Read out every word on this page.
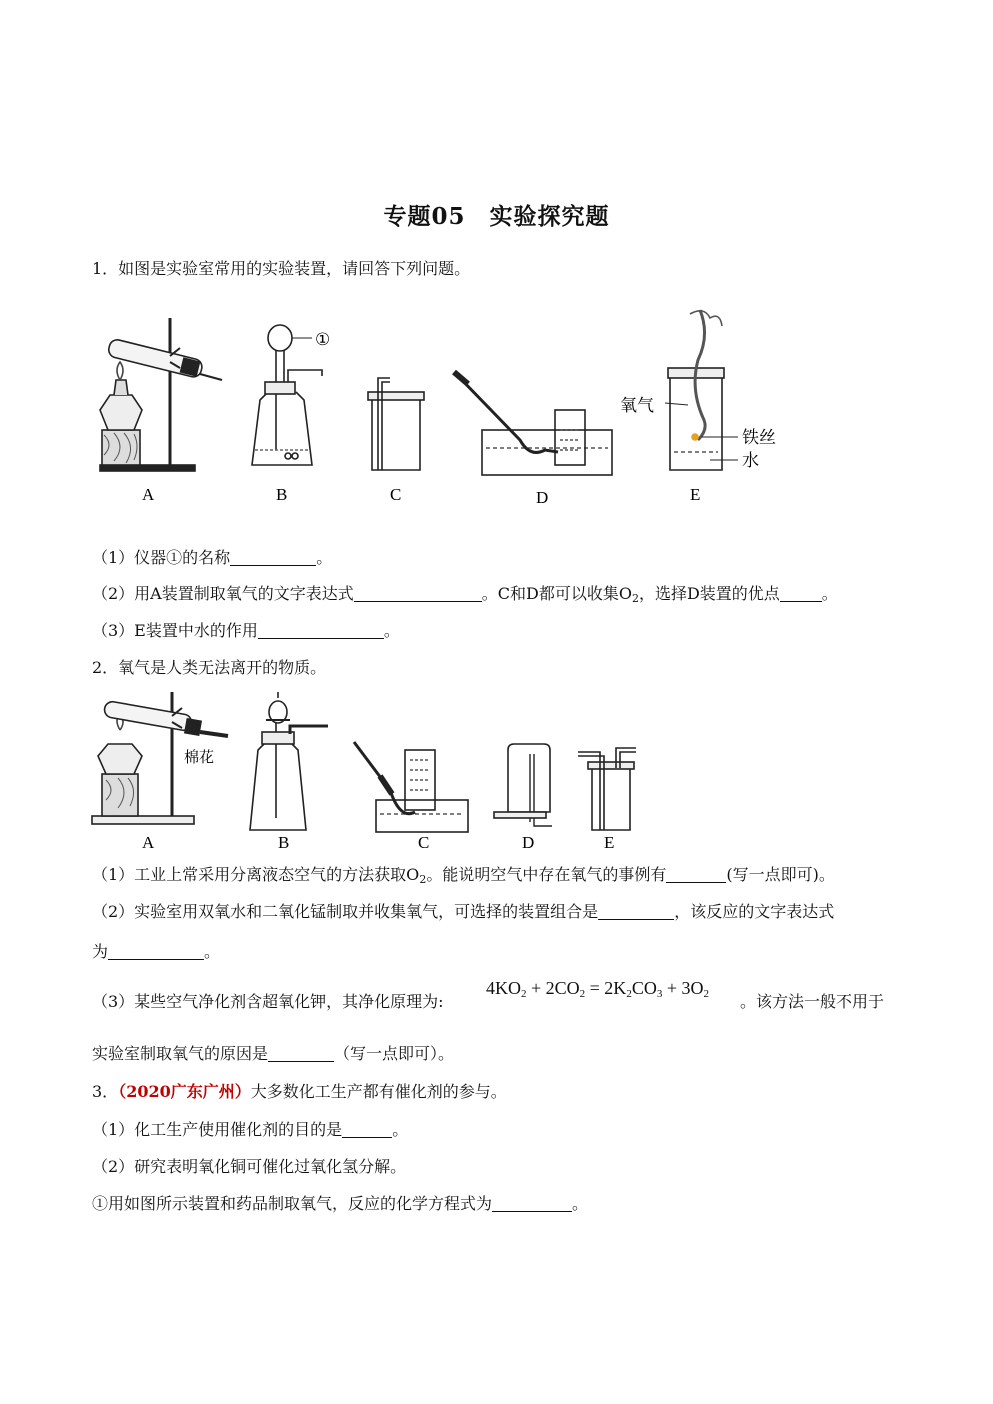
专题05　实验探究题
1．如图是实验室常用的实验装置，请回答下列问题。
①
氧气
铁丝
水
A	B	C	D	E
（1）仪器①的名称	。
（2）用A装置制取氧气的文字表达式	。C和D都可以收集$O_2$，选择D装置的优点	。
（3）E装置中水的作用	。
2．氧气是人类无法离开的物质。
棉花
A	B	C	D	E
（1）工业上常采用分离液态空气的方法获取$O_2$。能说明空气中存在氧气的事例有	(写一点即可)。
（2）实验室用双氧水和二氧化锰制取并收集氧气，可选择的装置组合是	，该反应的文字表达式
为	。
（3）某些空气净化剂含超氧化钾，其净化原理为:
$4KO_2 + 2CO_2 = 2K_2CO_3 + 3O_2$ 。该方法一般不用于
实验室制取氧气的原因是	（写一点即可）。
3．（2020广东广州）大多数化工生产都有催化剂的参与。
（1）化工生产使用催化剂的目的是	。
（2）研究表明氧化铜可催化过氧化氢分解。
①用如图所示装置和药品制取氧气，反应的化学方程式为	。
